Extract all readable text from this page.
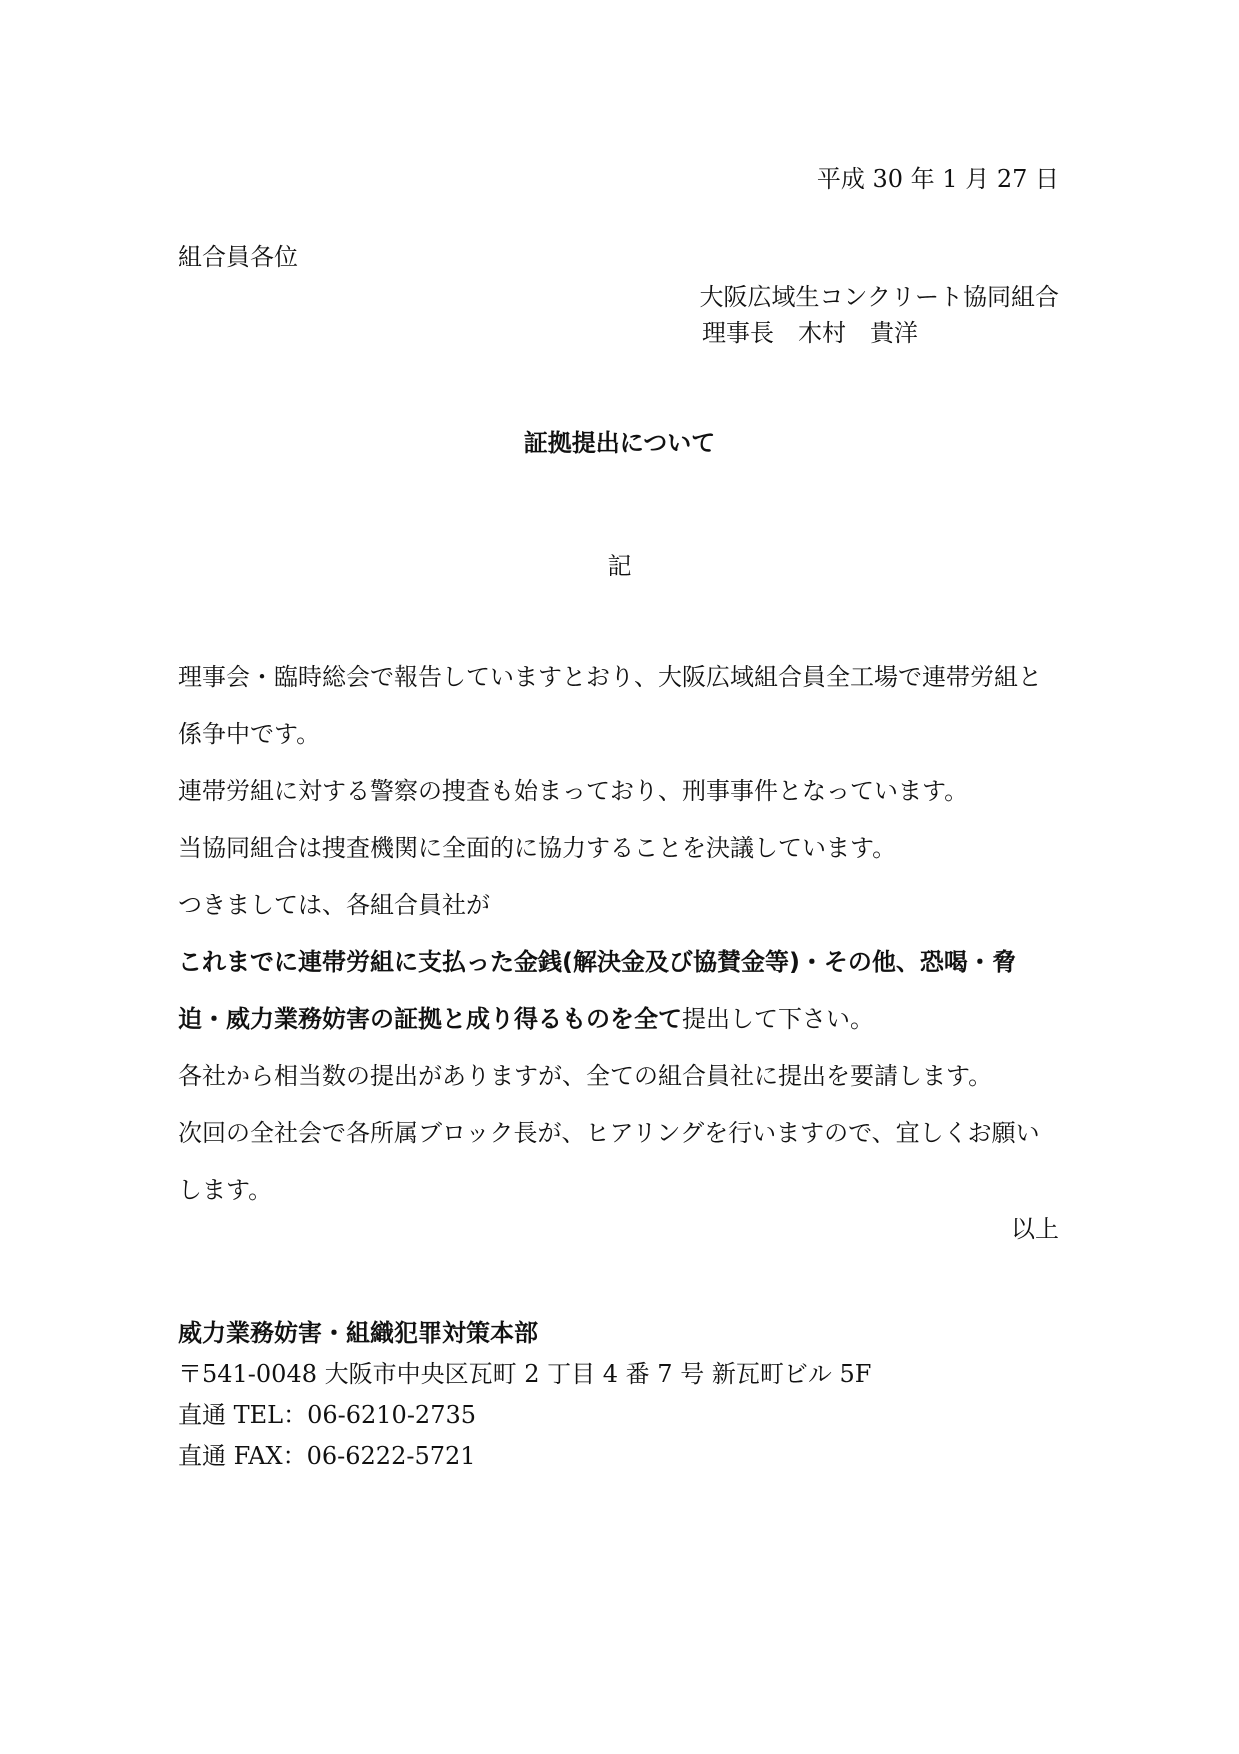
平成 30 年 1 月 27 日
組合員各位
大阪広域生コンクリート協同組合
理事長　木村　貴洋
証拠提出について
記
理事会・臨時総会で報告していますとおり、大阪広域組合員全工場で連帯労組と
係争中です。
連帯労組に対する警察の捜査も始まっており、刑事事件となっています。
当協同組合は捜査機関に全面的に協力することを決議しています。
つきましては、各組合員社が
これまでに連帯労組に支払った金銭(解決金及び協賛金等)・その他、恐喝・脅
迫・威力業務妨害の証拠と成り得るものを全て提出して下さい。
各社から相当数の提出がありますが、全ての組合員社に提出を要請します。
次回の全社会で各所属ブロック長が、ヒアリングを行いますので、宜しくお願い
します。
以上
威力業務妨害・組織犯罪対策本部
〒541-0048 大阪市中央区瓦町 2 丁目 4 番 7 号 新瓦町ビル 5F
直通 TEL：06-6210-2735
直通 FAX：06-6222-5721
